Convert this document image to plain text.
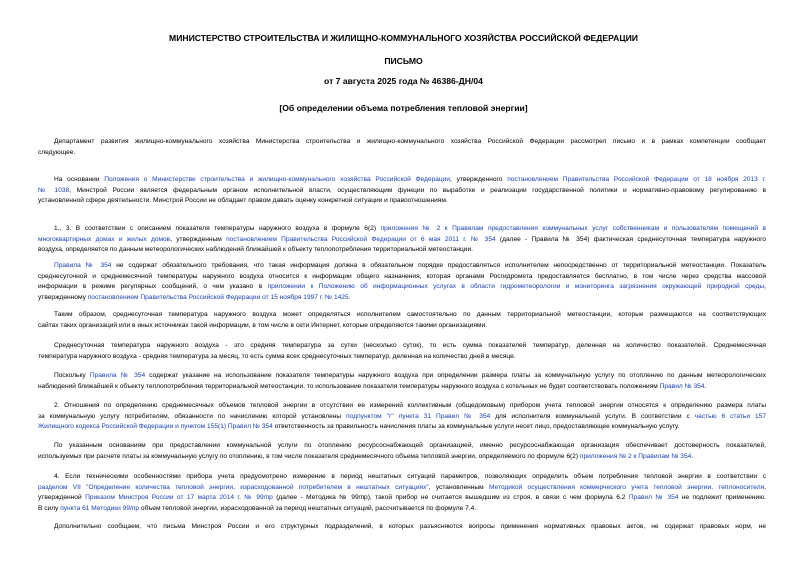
МИНИСТЕРСТВО СТРОИТЕЛЬСТВА И ЖИЛИЩНО-КОММУНАЛЬНОГО ХОЗЯЙСТВА РОССИЙСКОЙ ФЕДЕРАЦИИ
ПИСЬМО
от 7 августа 2025 года № 46386-ДН/04
[Об определении объема потребления тепловой энергии]
Департамент развития жилищно-коммунального хозяйства Министерства строительства и жилищно-коммунального хозяйства Российской Федерации рассмотрел письмо и в рамках компетенции сообщает
следующее.
На основании Положения о Министерстве строительства и жилищно-коммунального хозяйства Российской Федерации, утвержденного постановлением Правительства Российской Федерации от 18 ноября 2013 г.
№ 1038, Минстрой России является федеральным органом исполнительной власти, осуществляющим функции по выработке и реализации государственной политики и нормативно-правовому регулированию в
установленной сфере деятельности. Минстрой России не обладает правом давать оценку конкретной ситуации и правоотношениям.
1., 3. В соответствии с описанием показателя температуры наружного воздуха в формуле 6(2) приложения № 2 к Правилам предоставления коммунальных услуг собственникам и пользователям помещений в
многоквартирных домах и жилых домов, утвержденным постановлением Правительства Российской Федерации от 6 мая 2011 г. № 354 (далее - Правила № 354) фактическая среднесуточная температура наружного
воздуха, определяется по данным метеорологических наблюдений ближайшей к объекту теплопотребления территориальной метеостанции.
Правила № 354 не содержат обязательного требования, что такая информация должна в обязательном порядке предоставляться исполнителем непосредственно от территориальной метеостанции. Показатель
среднесуточной и среднемесячной температуры наружного воздуха относится к информации общего назначения, которая органами Росгидромета предоставляется бесплатно, в том числе через средства массовой
информации в режиме регулярных сообщений, о чем указано в приложении к Положению об информационных услугах в области гидрометеорологии и мониторинга загрязнения окружающей природной среды,
утвержденному постановлением Правительства Российской Федерации от 15 ноября 1997 г. № 1425.
Таким образом, среднесуточная температура наружного воздуха может определяться исполнителем самостоятельно по данным территориальной метеостанции, которые размещаются на соответствующих
сайтах таких организаций или в иных источниках такой информации, в том числе в сети Интернет, которые определяются такими организациями.
Среднесуточная температура наружного воздуха - это средняя температура за сутки (несколько суток), то есть сумма показателей температур, деленная на количество показателей. Среднемесячная
температура наружного воздуха - средняя температура за месяц, то есть сумма всех среднесуточных температур, деленная на количество дней в месяце.
Поскольку Правила № 354 содержат указание на использование показателя температуры наружного воздуха при определении размера платы за коммунальную услугу по отоплению по данным метеорологических
наблюдений ближайшей к объекту теплопотребления территориальной метеостанции, то использование показателя температуры наружного воздуха с котельных не будет соответствовать положениям Правил № 354.
2. Отношения по определению среднемесячных объемов тепловой энергии в отсутствии ее измерений коллективным (общедомовым) прибором учета тепловой энергии относятся к определению размера платы
за коммунальную услугу потребителям, обязанности по начислению которой установлены подпунктом "г" пункта 31 Правил № 354 для исполнителя коммунальной услуги. В соответствии с частью 6 статьи 157
Жилищного кодекса Российской Федерации и пунктом 155(1) Правил № 354 ответственность за правильность начисления платы за коммунальные услуги несет лицо, предоставляющее коммунальную услугу.
По указанным основаниям при предоставлении коммунальной услуги по отоплению ресурсоснабжающей организацией, именно ресурсоснабжающая организация обеспечивает достоверность показателей,
используемых при расчете платы за коммунальную услугу по отоплению, в том числе показателя среднемесячного объема тепловой энергии, определяемого по формуле 6(2) приложения № 2 к Правилам № 354.
4. Если техническими особенностями прибора учета предусмотрено измерение в период нештатных ситуаций параметров, позволяющих определить объем потребления тепловой энергии в соответствии с
разделом VII "Определение количества тепловой энергии, израсходованной потребителем в нештатных ситуациях", установленным Методикой осуществления коммерческого учета тепловой энергии, теплоносителя,
утвержденной Приказом Минстроя России от 17 марта 2014 г. № 99/пр (далее - Методика № 99/пр), такой прибор не считается вышедшим из строя, в связи с чем формула 6.2 Правил № 354 не подлежит применению.
В силу пункта 61 Методики 99/пр объем тепловой энергии, израсходованной за период нештатных ситуаций, рассчитывается по формуле 7.4.
Дополнительно сообщаем, что письма Минстроя России и его структурных подразделений, в которых разъясняются вопросы применения нормативных правовых актов, не содержат правовых норм, не
